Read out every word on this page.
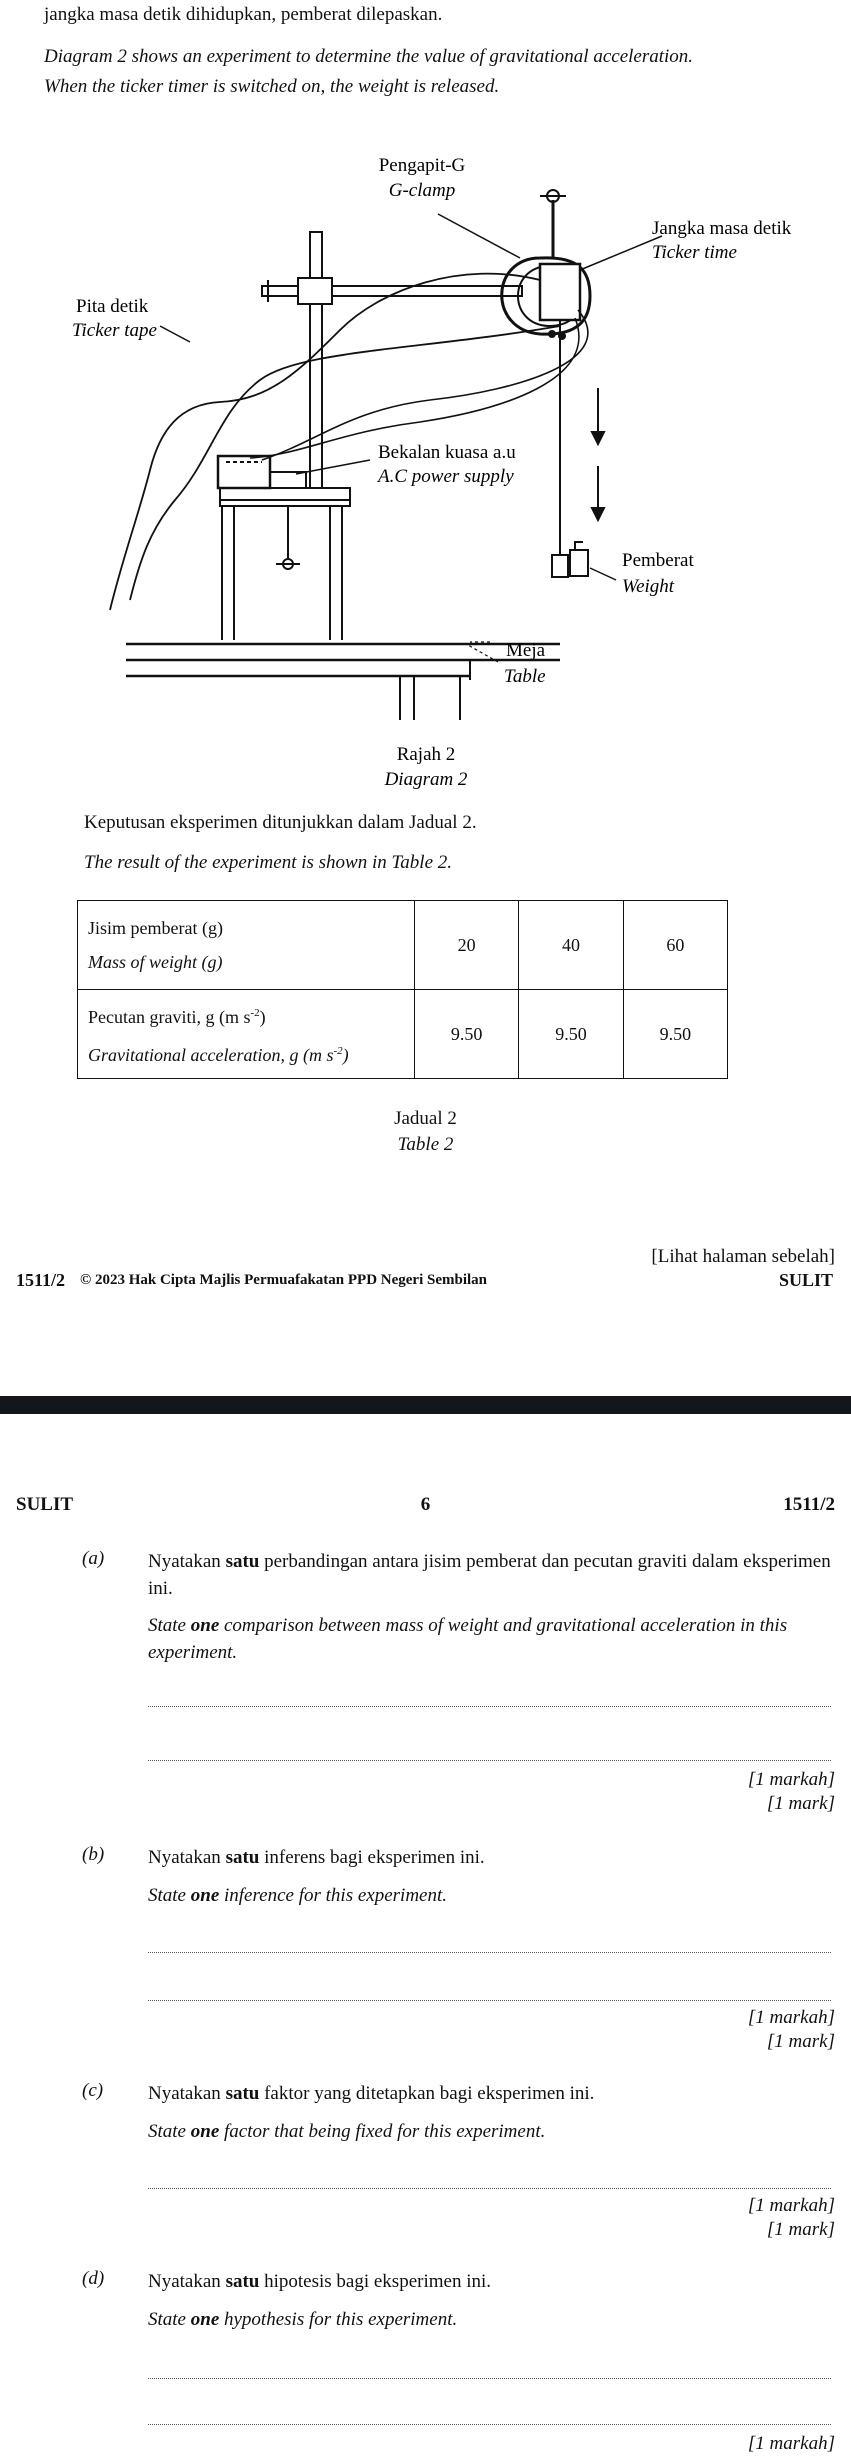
jangka masa detik dihidupkan, pemberat dilepaskan.
Diagram 2 shows an experiment to determine the value of gravitational acceleration.
When the ticker timer is switched on, the weight is released.
Pengapit-G
G-clamp
Jangka masa detik
Ticker time
Pita detik
Ticker tape
Bekalan kuasa a.u
A.C power supply
Pemberat
Weight
Meja
Table
Rajah 2
Diagram 2
Keputusan eksperimen ditunjukkan dalam Jadual 2.
The result of the experiment is shown in Table 2.
Jisim pemberat (g)
Mass of weight (g)	20	40	60

Pecutan graviti, g (m $s^{-2}$)
Gravitational acceleration, g (m $s^{-2}$)	9.50	9.50	9.50
Jadual 2
Table 2
[Lihat halaman sebelah]
1511/2 © 2023 Hak Cipta Majlis Permuafakatan PPD Negeri Sembilan	SULIT
SULIT	6	1511/2
(a) Nyatakan satu perbandingan antara jisim pemberat dan pecutan graviti dalam eksperimen ini.
State one comparison between mass of weight and gravitational acceleration in this experiment.
[1 markah]
[1 mark]
(b) Nyatakan satu inferens bagi eksperimen ini.
State one inference for this experiment.
[1 markah]
[1 mark]
(c) Nyatakan satu faktor yang ditetapkan bagi eksperimen ini.
State one factor that being fixed for this experiment.
[1 markah]
[1 mark]
(d) Nyatakan satu hipotesis bagi eksperimen ini.
State one hypothesis for this experiment.
[1 markah]
